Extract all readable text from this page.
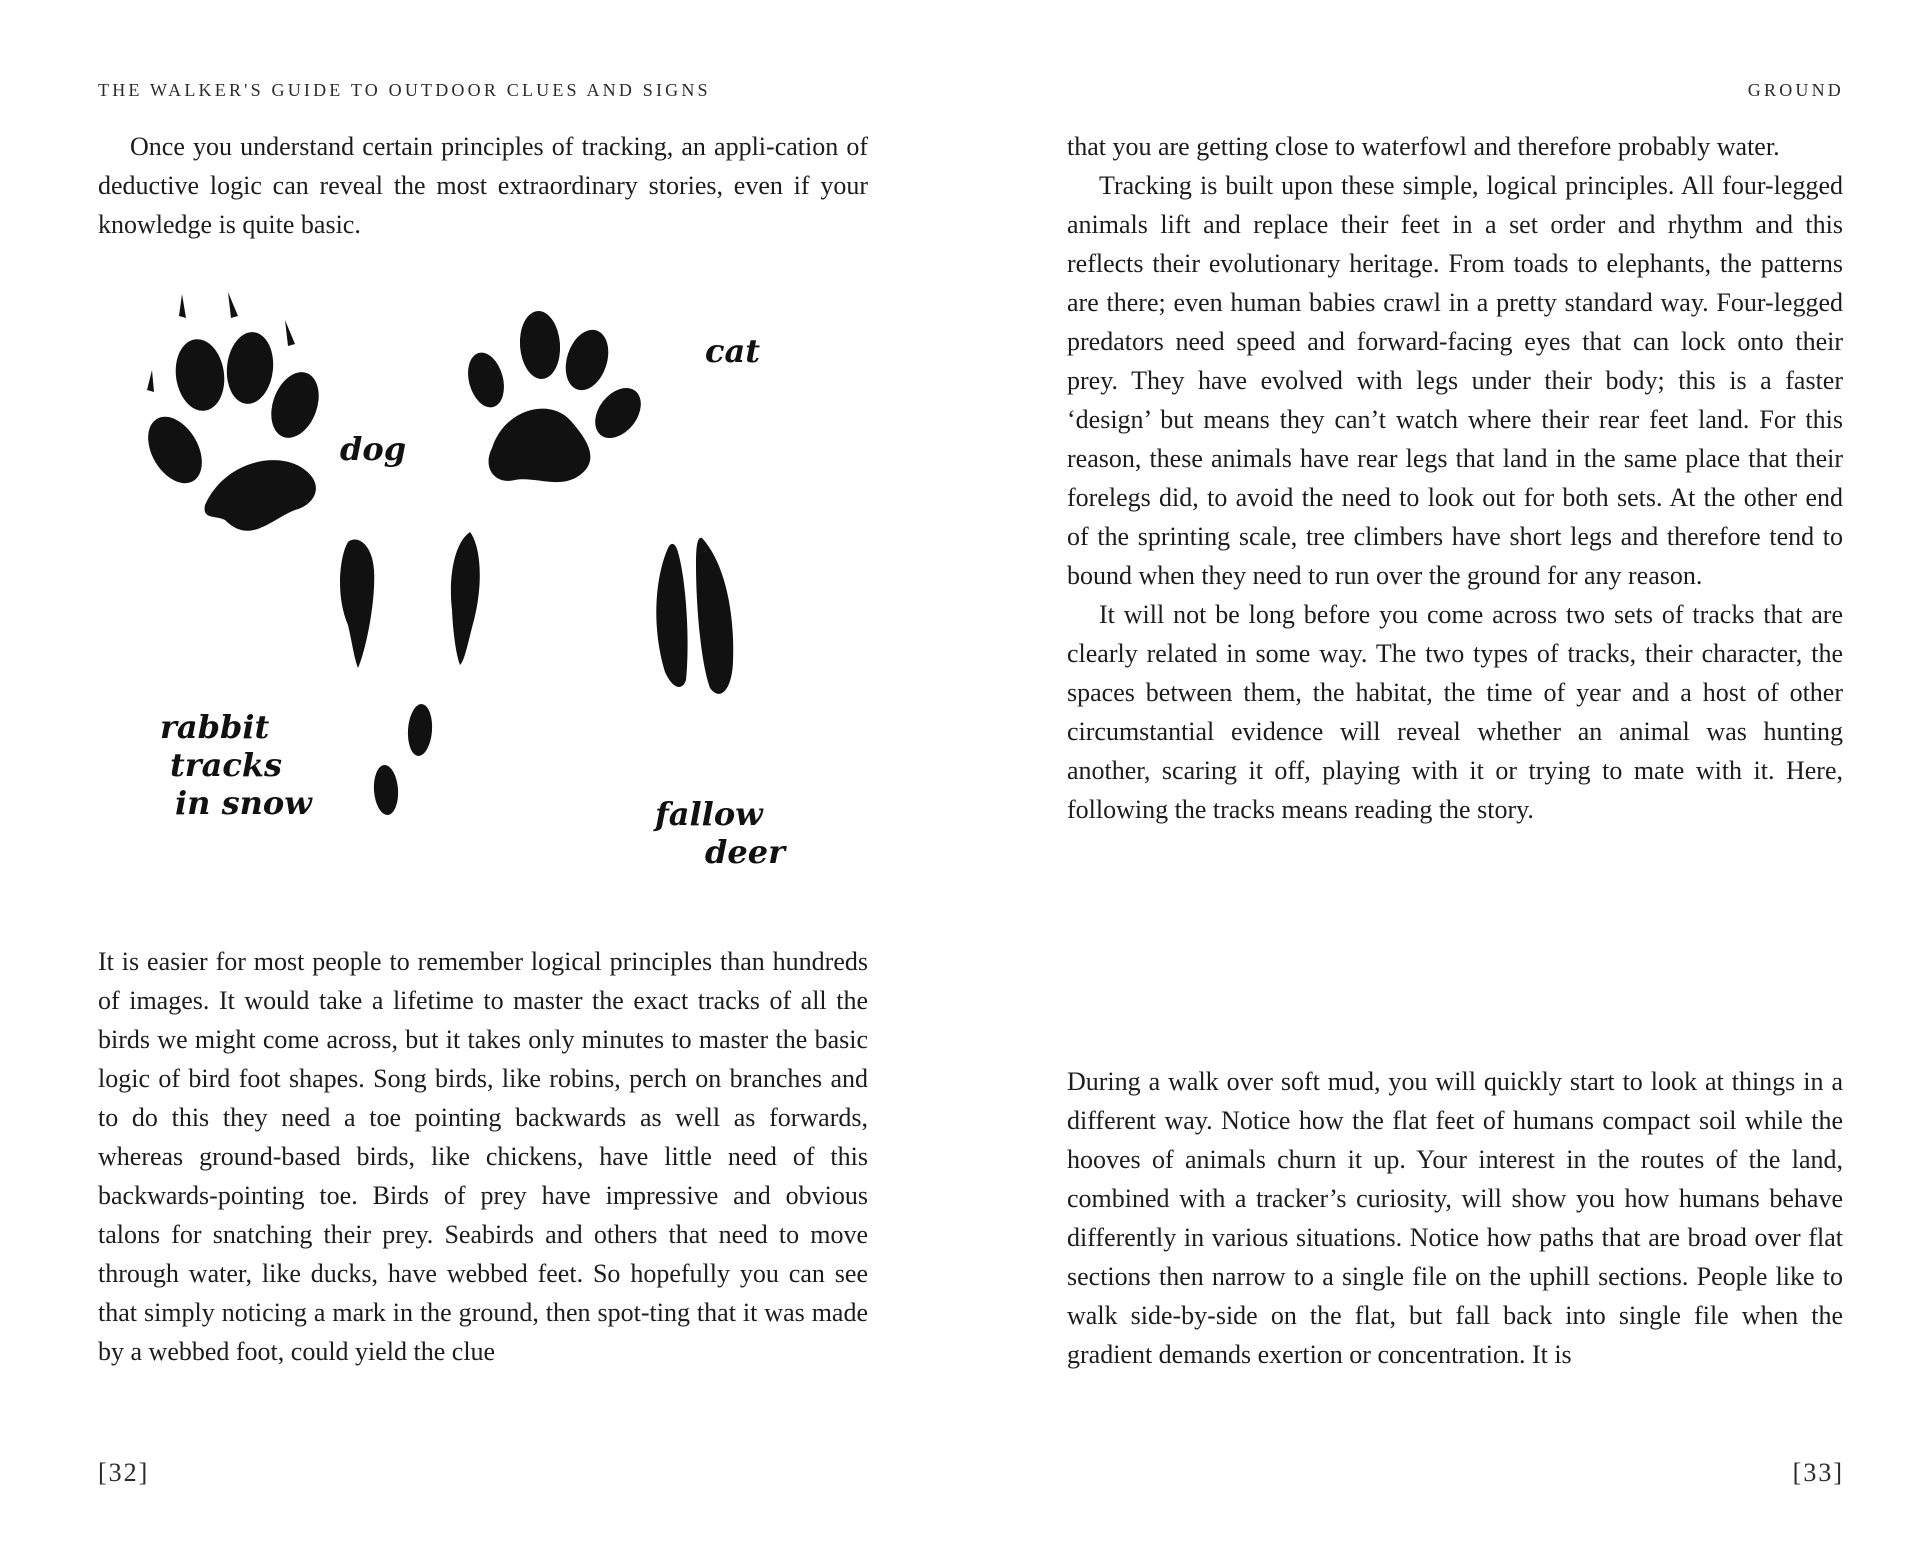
THE WALKER'S GUIDE TO OUTDOOR CLUES AND SIGNS

Once you understand certain principles of tracking, an appli-cation of deductive logic can reveal the most extraordinary stories, even if your knowledge is quite basic.

dog
cat
rabbit
tracks
in snow	fallow
deer

It is easier for most people to remember logical principles than hundreds of images. It would take a lifetime to master the exact tracks of all the birds we might come across, but it takes only minutes to master the basic logic of bird foot shapes. Song birds, like robins, perch on branches and to do this they need a toe pointing backwards as well as forwards, whereas ground-based birds, like chickens, have little need of this backwards-pointing toe. Birds of prey have impressive and obvious talons for snatching their prey. Seabirds and others that need to move through water, like ducks, have webbed feet. So hopefully you can see that simply noticing a mark in the ground, then spot-ting that it was made by a webbed foot, could yield the clue

[32]
GROUND

that you are getting close to waterfowl and therefore probably water.

Tracking is built upon these simple, logical principles. All four-legged animals lift and replace their feet in a set order and rhythm and this reflects their evolutionary heritage. From toads to elephants, the patterns are there; even human babies crawl in a pretty standard way. Four-legged predators need speed and forward-facing eyes that can lock onto their prey. They have evolved with legs under their body; this is a faster ‘design’ but means they can’t watch where their rear feet land. For this reason, these animals have rear legs that land in the same place that their forelegs did, to avoid the need to look out for both sets. At the other end of the sprinting scale, tree climbers have short legs and therefore tend to bound when they need to run over the ground for any reason.

It will not be long before you come across two sets of tracks that are clearly related in some way. The two types of tracks, their character, the spaces between them, the habitat, the time of year and a host of other circumstantial evidence will reveal whether an animal was hunting another, scaring it off, playing with it or trying to mate with it. Here, following the tracks means reading the story.

During a walk over soft mud, you will quickly start to look at things in a different way. Notice how the flat feet of humans compact soil while the hooves of animals churn it up. Your interest in the routes of the land, combined with a tracker’s curiosity, will show you how humans behave differently in various situations. Notice how paths that are broad over flat sections then narrow to a single file on the uphill sections. People like to walk side-by-side on the flat, but fall back into single file when the gradient demands exertion or concentration. It is

[33]
